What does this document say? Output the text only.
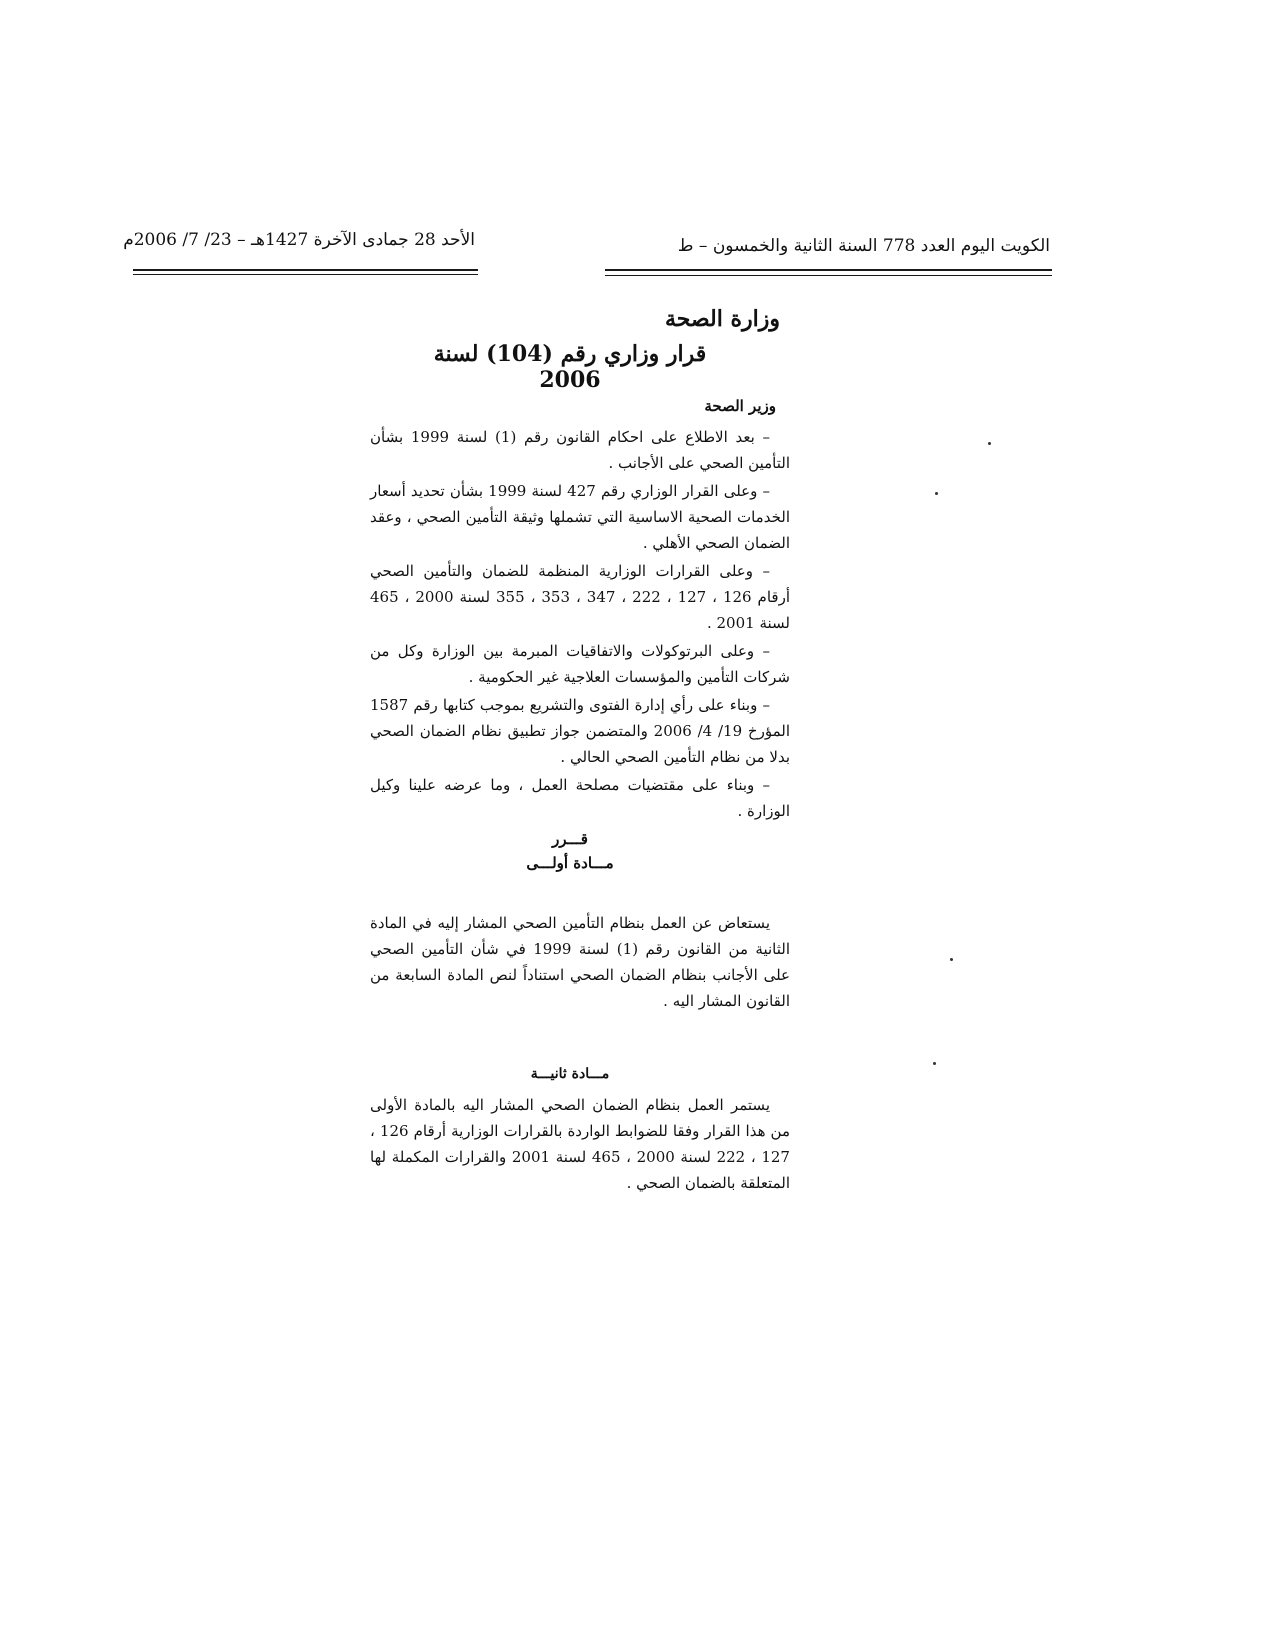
الكويت اليوم العدد 778 السنة الثانية والخمسون – ط
الأحد 28 جمادى الآخرة 1427هـ – 23/ 7/ 2006م
وزارة الصحة
قرار وزاري رقم (104) لسنة 2006
وزير الصحة

– بعد الاطلاع على احكام القانون رقم (1) لسنة 1999 بشأن التأمين الصحي على الأجانب .

– وعلى القرار الوزاري رقم 427 لسنة 1999 بشأن تحديد أسعار الخدمات الصحية الاساسية التي تشملها وثيقة التأمين الصحي ، وعقد الضمان الصحي الأهلي .

– وعلى القرارات الوزارية المنظمة للضمان والتأمين الصحي أرقام 126 ، 127 ، 222 ، 347 ، 353 ، 355 لسنة 2000 ، 465 لسنة 2001 .

– وعلى البرتوكولات والاتفاقيات المبرمة بين الوزارة وكل من شركات التأمين والمؤسسات العلاجية غير الحكومية .

– وبناء على رأي إدارة الفتوى والتشريع بموجب كتابها رقم 1587 المؤرخ 19/ 4/ 2006 والمتضمن جواز تطبيق نظام الضمان الصحي بدلا من نظام التأمين الصحي الحالي .

– وبناء على مقتضيات مصلحة العمل ، وما عرضه علينا وكيل الوزارة .

قـــرر
مـــادة أولـــى

يستعاض عن العمل بنظام التأمين الصحي المشار إليه في المادة الثانية من القانون رقم (1) لسنة 1999 في شأن التأمين الصحي على الأجانب بنظام الضمان الصحي استناداً لنص المادة السابعة من القانون المشار اليه .

مـــادة ثانيـــة

يستمر العمل بنظام الضمان الصحي المشار اليه بالمادة الأولى من هذا القرار وفقا للضوابط الواردة بالقرارات الوزارية أرقام 126 ، 127 ، 222 لسنة 2000 ، 465 لسنة 2001 والقرارات المكملة لها المتعلقة بالضمان الصحي .
